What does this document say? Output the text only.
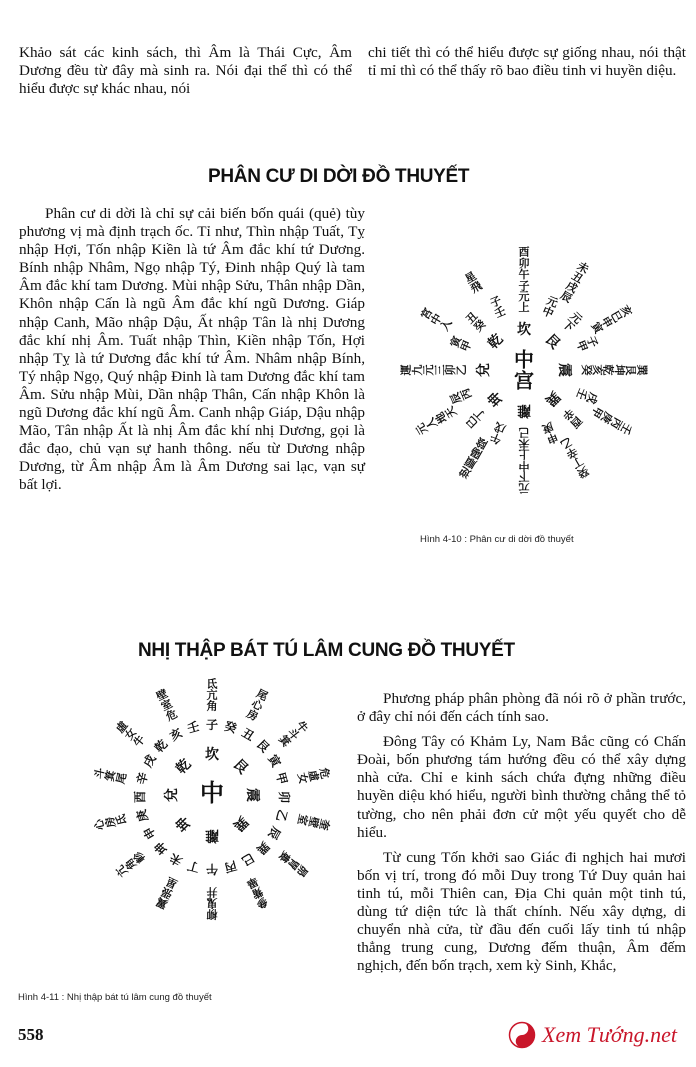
Khảo sát các kinh sách, thì Âm là Thái Cực, Âm Dương đều từ đây mà sinh ra. Nói đại thể thì có thể hiểu được sự khác nhau, nói
chi tiết thì có thể hiểu được sự giống nhau, nói thật tỉ mỉ thì có thể thấy rõ bao điều tinh vi huyền diệu.
PHÂN CƯ DI DỜI ĐỒ THUYẾT

Phân cư di dời là chỉ sự cải biến bốn quái (quẻ) tùy phương vị mà định trạch ốc. Tỉ như, Thìn nhập Tuất, Tỵ nhập Hợi, Tốn nhập Kiền là tứ Âm đắc khí tứ Dương. Bính nhập Nhâm, Ngọ nhập Tý, Đinh nhập Quý là tam Âm đắc khí tam Dương. Mùi nhập Sửu, Thân nhập Dần, Khôn nhập Cấn là ngũ Âm đắc khí ngũ Dương. Giáp nhập Canh, Mão nhập Dậu, Ất nhập Tân là nhị Dương đắc khí nhị Âm. Tuất nhập Thìn, Kiền nhập Tốn, Hợi nhập Tỵ là tứ Dương đắc khí tứ Âm. Nhâm nhập Bính, Tý nhập Ngọ, Quý nhập Đinh là tam Dương đắc khí tam Âm. Sửu nhập Mùi, Dần nhập Thân, Cấn nhập Khôn là ngũ Dương đắc khí ngũ Âm. Canh nhập Giáp, Dậu nhập Mão, Tân nhập Ất là nhị Âm đắc khí nhị Dương, gọi là đắc đạo, chủ vạn sự hanh thông. nếu từ Dương nhập Dương, từ Âm nhập Âm là Âm Dương sai lạc, vạn sự bất lợi.

中
宫
坎
艮
震
巽
離
坤
兌
乾
上
元
中
元
下
元
甲
子
癸
亥
壬
戌
辛
酉
庚
申
己
未
戊
午
丁
巳
丙
辰
乙
卯
甲
寅
癸
丑 壬
子
子
午
卯
酉
辰
戌
丑
未
寅
申
巳
亥
乾
坤
艮
巽
甲
庚
丙
壬
乙
辛
丁
癸
上
中
下
元
陰
陽
順
逆
天
地
人
元
三
元
九
運
入
中
宮
飛
星
Hình 4-10 : Phân cư di dời đồ thuyết
NHỊ THẬP BÁT TÚ LÂM CUNG ĐỒ THUYẾT
中
坎
艮
震
巽
離
坤
兌
乾
子 癸 丑
艮
寅
甲
卯
乙
辰
巽
巳
丙
午
丁
未
坤
申
庚
酉
辛
戌
乾
亥 壬
角
亢
氐
房
心
尾
箕
斗
牛
女
虛
危
室
壁
奎
婁
胃
昴
畢
觜
參
井
鬼
柳
星
張
翼
軫
角
亢
氐
房
心
尾
箕
斗
牛
女
虛
危
室
壁
Hình 4-11 : Nhị thập bát tú lâm cung đồ thuyết

Phương pháp phân phòng đã nói rõ ở phần trước, ở đây chỉ nói đến cách tính sao.

Đông Tây có Khảm Ly, Nam Bắc cũng có Chấn Đoài, bốn phương tám hướng đều có thể xây dựng nhà cửa. Chỉ e kinh sách chứa đựng những điều huyền diệu khó hiểu, người bình thường chẳng thể tỏ tường, cho nên phải đơn cử một yếu quyết cho dễ hiểu.

Từ cung Tốn khởi sao Giác đi nghịch hai mươi bốn vị trí, trong đó mỗi Duy trong Tứ Duy quản hai tinh tú, mỗi Thiên can, Địa Chi quản một tinh tú, dùng tứ diện tức là thất chính. Nếu xây dựng, di chuyển nhà cửa, từ đầu đến cuối lấy tinh tú nhập thẳng trung cung, Dương đếm thuận, Âm đếm nghịch, đến bốn trạch, xem kỳ Sinh, Khắc,

558	Xem Tướng.net
